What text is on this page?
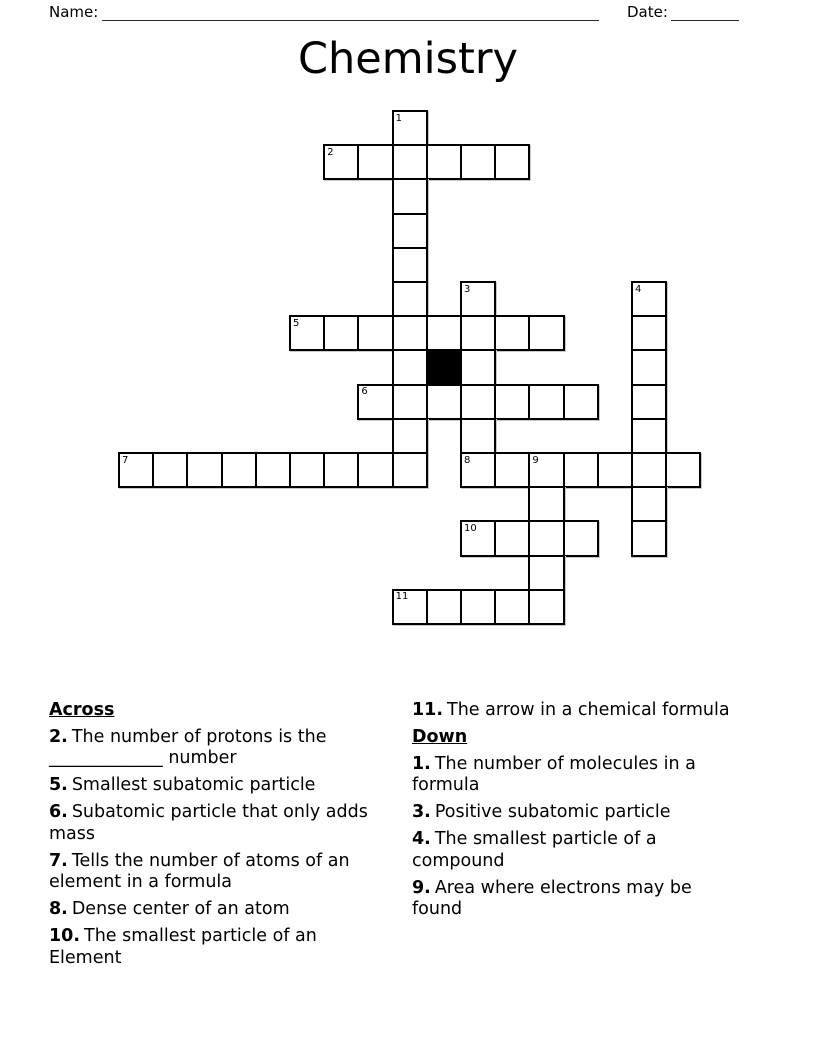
Name:	Date:
Chemistry
1
2
3	4
5
6
7	8	9
10
11
Across
2. The number of protons is the _____________ number
5. Smallest subatomic particle
6. Subatomic particle that only adds mass
7. Tells the number of atoms of an element in a formula
8. Dense center of an atom
10. The smallest particle of an Element
11. The arrow in a chemical formula
Down
1. The number of molecules in a formula
3. Positive subatomic particle
4. The smallest particle of a compound
9. Area where electrons may be found
